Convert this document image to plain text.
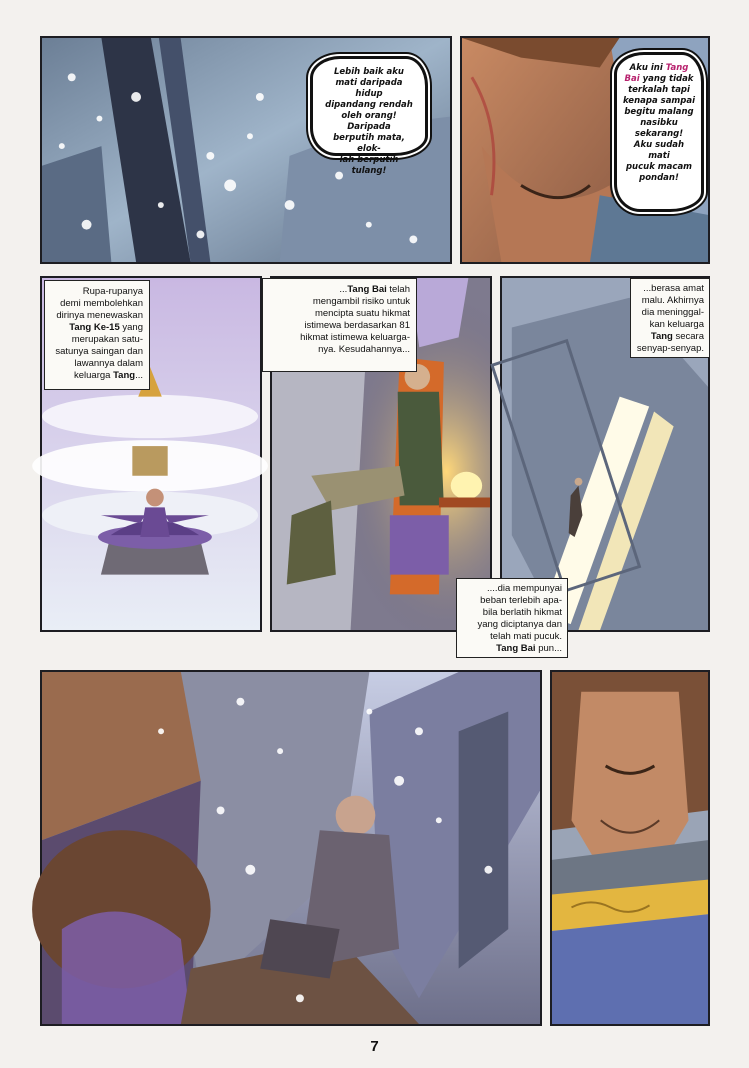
Lebih baik aku
mati daripada hidup
dipandang rendah
oleh orang! Daripada
berputih mata, elok-
lah berputih tulang!
Aku ini Tang
Bai yang tidak
terkalah tapi
kenapa sampai
begitu malang
nasibku sekarang!
Aku sudah mati
pucuk macam
pondan!
Rupa-rupanya
demi membolehkan
dirinya menewaskan
Tang Ke-15 yang
merupakan satu-
satunya saingan dan
lawannya dalam
keluarga Tang...
...Tang Bai telah
mengambil risiko untuk
mencipta suatu hikmat
istimewa berdasarkan 81
hikmat istimewa keluarga-
nya. Kesudahannya...
...berasa amat
malu. Akhirnya
dia meninggal-
kan keluarga
Tang secara
senyap-senyap.
....dia mempunyai
beban terlebih apa-
bila berlatih hikmat
yang diciptanya dan
telah mati pucuk.
Tang Bai pun...
7
